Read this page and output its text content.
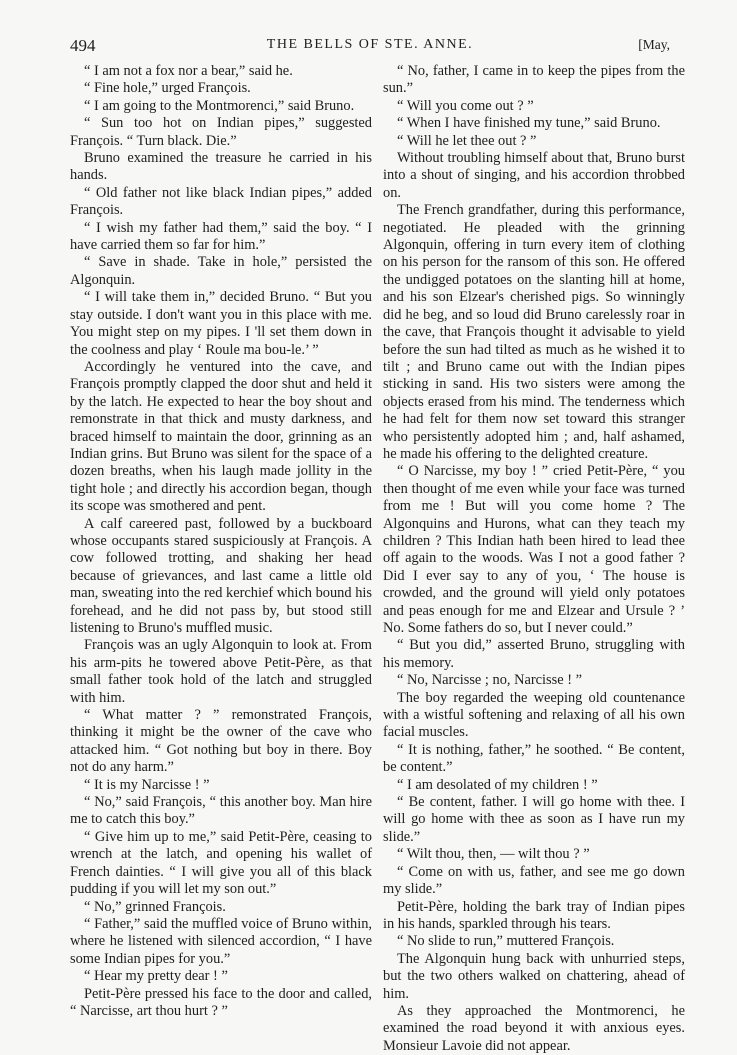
494	THE BELLS OF STE. ANNE.	[May,

“ I am not a fox nor a bear,” said he.

“ Fine hole,” urged François.

“ I am going to the Montmorenci,” said Bruno.

“ Sun too hot on Indian pipes,” suggested François. “ Turn black. Die.”

Bruno examined the treasure he carried in his hands.

“ Old father not like black Indian pipes,” added François.

“ I wish my father had them,” said the boy. “ I have carried them so far for him.”

“ Save in shade. Take in hole,” persisted the Algonquin.

“ I will take them in,” decided Bruno. “ But you stay outside. I don't want you in this place with me. You might step on my pipes. I 'll set them down in the coolness and play ‘ Roule ma bou-le.’ ”

Accordingly he ventured into the cave, and François promptly clapped the door shut and held it by the latch. He expected to hear the boy shout and remonstrate in that thick and musty darkness, and braced himself to maintain the door, grinning as an Indian grins. But Bruno was silent for the space of a dozen breaths, when his laugh made jollity in the tight hole ; and directly his accordion began, though its scope was smothered and pent.

A calf careered past, followed by a buckboard whose occupants stared suspiciously at François. A cow followed trotting, and shaking her head because of grievances, and last came a little old man, sweating into the red kerchief which bound his forehead, and he did not pass by, but stood still listening to Bruno's muffled music.

François was an ugly Algonquin to look at. From his arm-pits he towered above Petit-Père, as that small father took hold of the latch and struggled with him.

“ What matter ? ” remonstrated François, thinking it might be the owner of the cave who attacked him. “ Got nothing but boy in there. Boy not do any harm.”

“ It is my Narcisse ! ”

“ No,” said François, “ this another boy. Man hire me to catch this boy.”

“ Give him up to me,” said Petit-Père, ceasing to wrench at the latch, and opening his wallet of French dainties. “ I will give you all of this black pudding if you will let my son out.”

“ No,” grinned François.

“ Father,” said the muffled voice of Bruno within, where he listened with silenced accordion, “ I have some Indian pipes for you.”

“ Hear my pretty dear ! ”

Petit-Père pressed his face to the door and called, “ Narcisse, art thou hurt ? ”

“ No, father, I came in to keep the pipes from the sun.”

“ Will you come out ? ”

“ When I have finished my tune,” said Bruno.

“ Will he let thee out ? ”

Without troubling himself about that, Bruno burst into a shout of singing, and his accordion throbbed on.

The French grandfather, during this performance, negotiated. He pleaded with the grinning Algonquin, offering in turn every item of clothing on his person for the ransom of this son. He offered the undigged potatoes on the slanting hill at home, and his son Elzear's cherished pigs. So winningly did he beg, and so loud did Bruno carelessly roar in the cave, that François thought it advisable to yield before the sun had tilted as much as he wished it to tilt ; and Bruno came out with the Indian pipes sticking in sand. His two sisters were among the objects erased from his mind. The tenderness which he had felt for them now set toward this stranger who persistently adopted him ; and, half ashamed, he made his offering to the delighted creature.

“ O Narcisse, my boy ! ” cried Petit-Père, “ you then thought of me even while your face was turned from me ! But will you come home ? The Algonquins and Hurons, what can they teach my children ? This Indian hath been hired to lead thee off again to the woods. Was I not a good father ? Did I ever say to any of you, ‘ The house is crowded, and the ground will yield only potatoes and peas enough for me and Elzear and Ursule ? ’ No. Some fathers do so, but I never could.”

“ But you did,” asserted Bruno, struggling with his memory.

“ No, Narcisse ; no, Narcisse ! ”

The boy regarded the weeping old countenance with a wistful softening and relaxing of all his own facial muscles.

“ It is nothing, father,” he soothed. “ Be content, be content.”

“ I am desolated of my children ! ”

“ Be content, father. I will go home with thee. I will go home with thee as soon as I have run my slide.”

“ Wilt thou, then, — wilt thou ? ”

“ Come on with us, father, and see me go down my slide.”

Petit-Père, holding the bark tray of Indian pipes in his hands, sparkled through his tears.

“ No slide to run,” muttered François.

The Algonquin hung back with unhurried steps, but the two others walked on chattering, ahead of him.

As they approached the Montmorenci, he examined the road beyond it with anxious eyes. Monsieur Lavoie did not appear.
